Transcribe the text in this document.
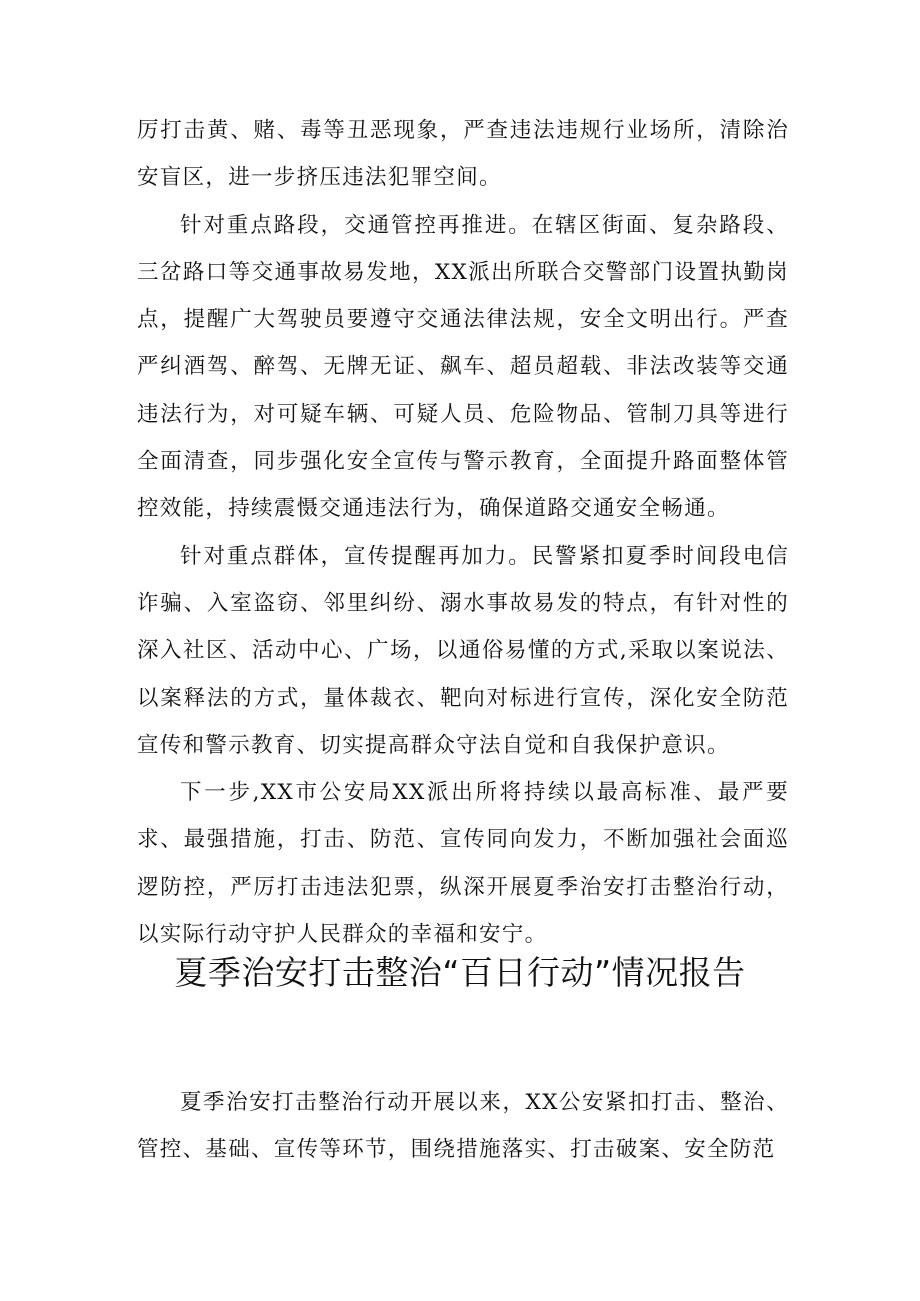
厉打击黄、赌、毒等丑恶现象，严查违法违规行业场所，清除治安盲区，进一步挤压违法犯罪空间。

针对重点路段，交通管控再推进。在辖区街面、复杂路段、三岔路口等交通事故易发地，XX派出所联合交警部门设置执勤岗点，提醒广大驾驶员要遵守交通法律法规，安全文明出行。严查严纠酒驾、醉驾、无牌无证、飙车、超员超载、非法改装等交通违法行为，对可疑车辆、可疑人员、危险物品、管制刀具等进行全面清查，同步强化安全宣传与警示教育，全面提升路面整体管控效能，持续震慑交通违法行为，确保道路交通安全畅通。

针对重点群体，宣传提醒再加力。民警紧扣夏季时间段电信诈骗、入室盗窃、邻里纠纷、溺水事故易发的特点，有针对性的深入社区、活动中心、广场，以通俗易懂的方式,采取以案说法、以案释法的方式，量体裁衣、靶向对标进行宣传，深化安全防范宣传和警示教育、切实提高群众守法自觉和自我保护意识。

下一步,XX市公安局XX派出所将持续以最高标准、最严要求、最强措施，打击、防范、宣传同向发力，不断加强社会面巡逻防控，严厉打击违法犯票，纵深开展夏季治安打击整治行动，以实际行动守护人民群众的幸福和安宁。

夏季治安打击整治“百日行动”情况报告

夏季治安打击整治行动开展以来，XX公安紧扣打击、整治、管控、基础、宣传等环节，围绕措施落实、打击破案、安全防范
